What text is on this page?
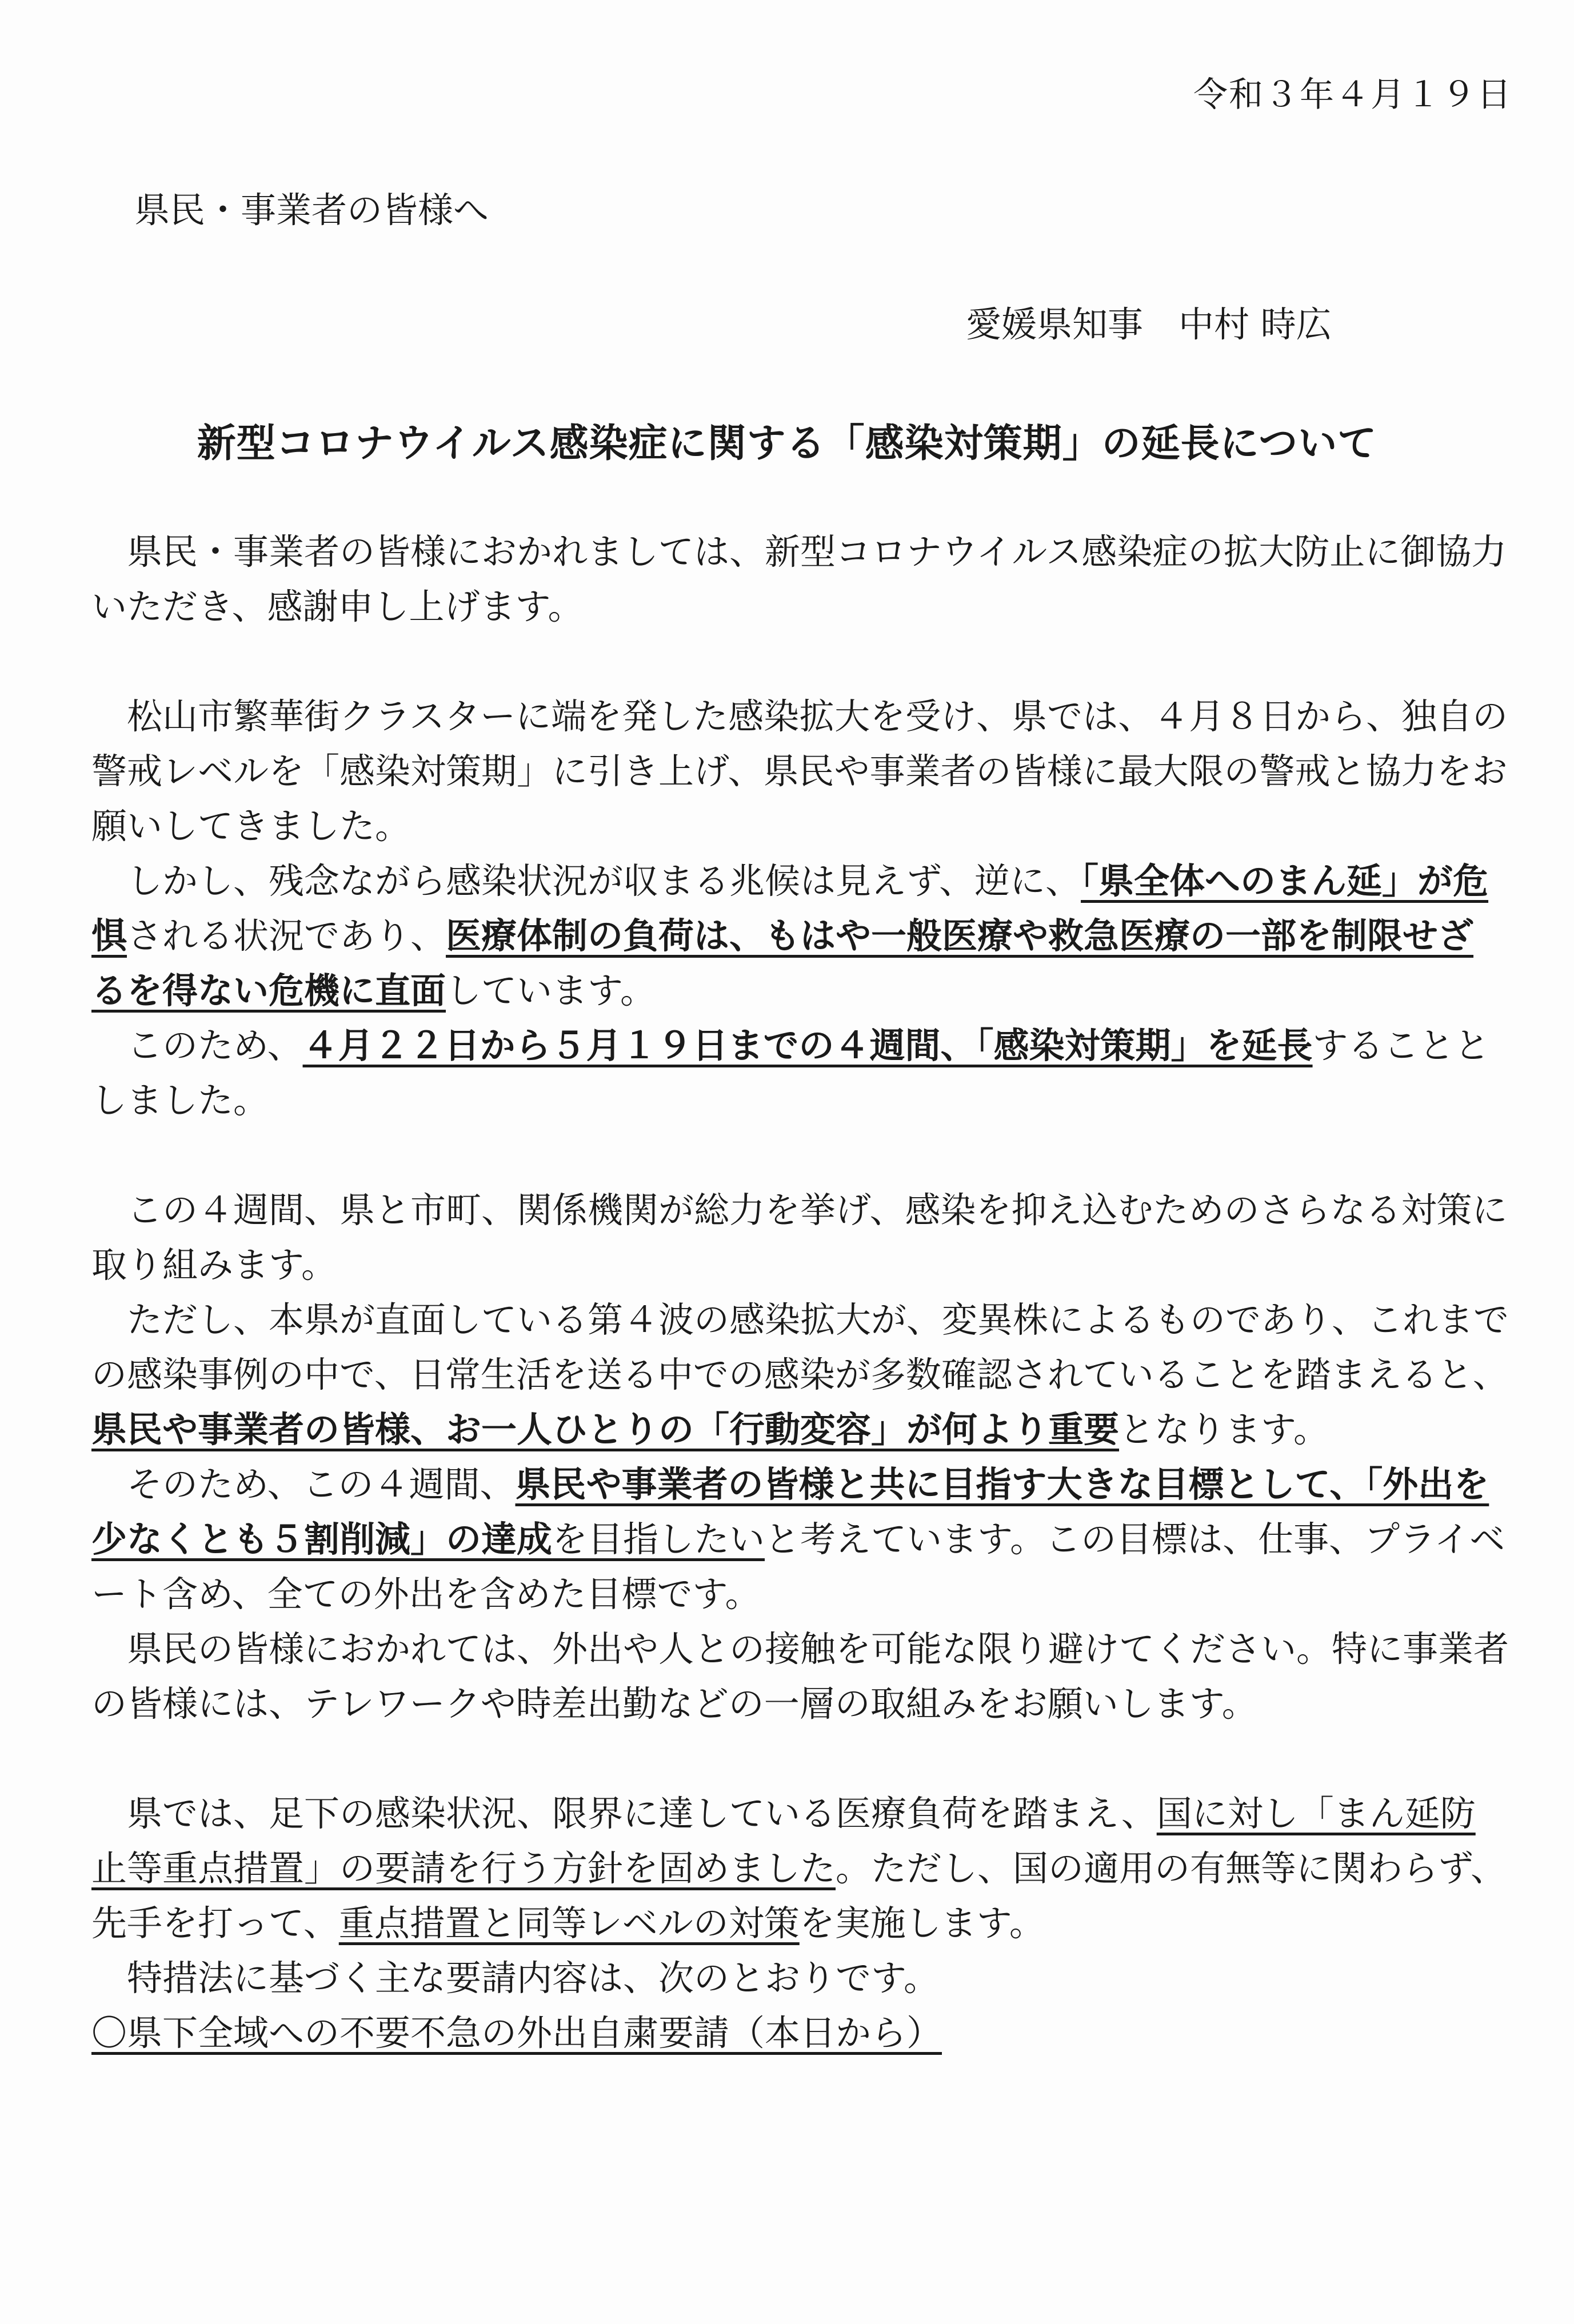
令和３年４月１９日
県民・事業者の皆様へ
愛媛県知事　中村 時広
新型コロナウイルス感染症に関する「感染対策期」の延長について

県民・事業者の皆様におかれましては、新型コロナウイルス感染症の拡大防止に御協力いただき、感謝申し上げます。

松山市繁華街クラスターに端を発した感染拡大を受け、県では、４月８日から、独自の警戒レベルを「感染対策期」に引き上げ、県民や事業者の皆様に最大限の警戒と協力をお願いしてきました。

しかし、残念ながら感染状況が収まる兆候は見えず、逆に、「県全体へのまん延」が危惧される状況であり、医療体制の負荷は、もはや一般医療や救急医療の一部を制限せざるを得ない危機に直面しています。

このため、４月２２日から５月１９日までの４週間、「感染対策期」を延長することとしました。

この４週間、県と市町、関係機関が総力を挙げ、感染を抑え込むためのさらなる対策に取り組みます。

ただし、本県が直面している第４波の感染拡大が、変異株によるものであり、これまでの感染事例の中で、日常生活を送る中での感染が多数確認されていることを踏まえると、県民や事業者の皆様、お一人ひとりの「行動変容」が何より重要となります。

そのため、この４週間、県民や事業者の皆様と共に目指す大きな目標として、「外出を少なくとも５割削減」の達成を目指したいと考えています。この目標は、仕事、プライベート含め、全ての外出を含めた目標です。

県民の皆様におかれては、外出や人との接触を可能な限り避けてください。特に事業者の皆様には、テレワークや時差出勤などの一層の取組みをお願いします。

県では、足下の感染状況、限界に達している医療負荷を踏まえ、国に対し「まん延防止等重点措置」の要請を行う方針を固めました。ただし、国の適用の有無等に関わらず、先手を打って、重点措置と同等レベルの対策を実施します。

特措法に基づく主な要請内容は、次のとおりです。

〇県下全域への不要不急の外出自粛要請（本日から）
